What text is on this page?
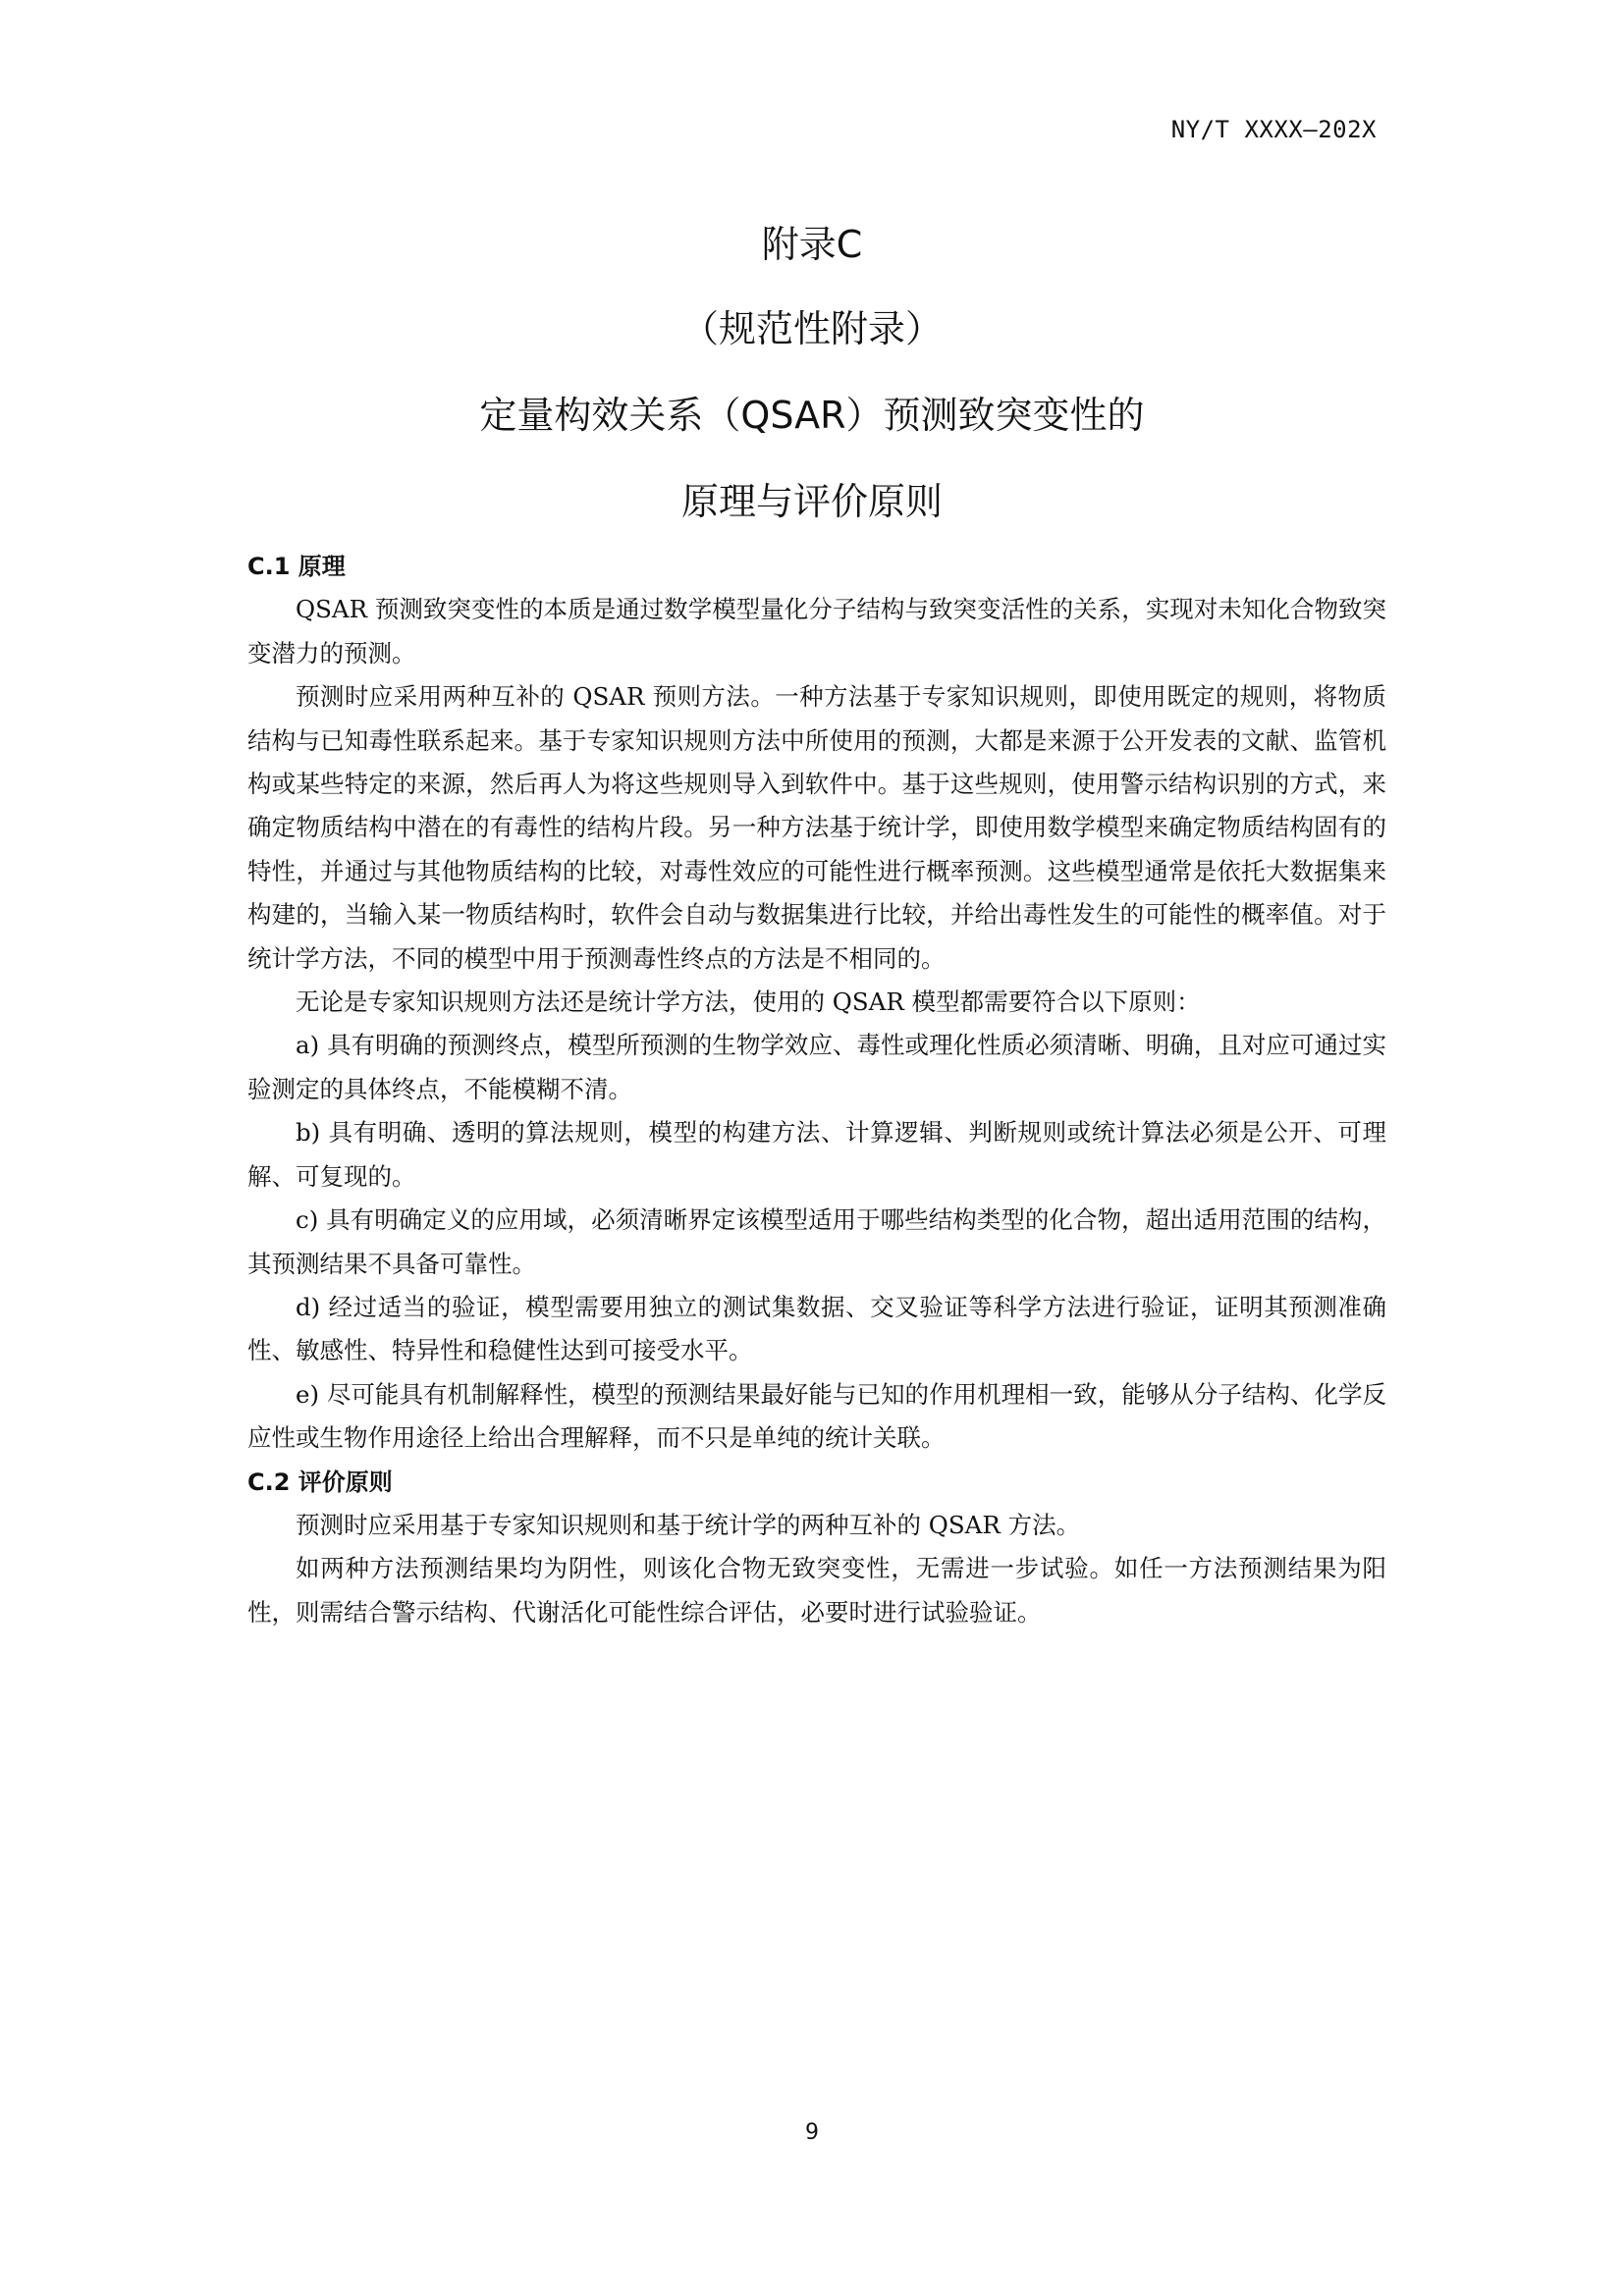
NY/T XXXX—202X
附录C
（规范性附录）
定量构效关系（QSAR）预测致突变性的
原理与评价原则
C.1 原理

QSAR 预测致突变性的本质是通过数学模型量化分子结构与致突变活性的关系，实现对未知化合物致突变潜力的预测。

预测时应采用两种互补的 QSAR 预则方法。一种方法基于专家知识规则，即使用既定的规则，将物质结构与已知毒性联系起来。基于专家知识规则方法中所使用的预测，大都是来源于公开发表的文献、监管机构或某些特定的来源，然后再人为将这些规则导入到软件中。基于这些规则，使用警示结构识别的方式，来确定物质结构中潜在的有毒性的结构片段。另一种方法基于统计学，即使用数学模型来确定物质结构固有的特性，并通过与其他物质结构的比较，对毒性效应的可能性进行概率预测。这些模型通常是依托大数据集来构建的，当输入某一物质结构时，软件会自动与数据集进行比较，并给出毒性发生的可能性的概率值。对于统计学方法，不同的模型中用于预测毒性终点的方法是不相同的。

无论是专家知识规则方法还是统计学方法，使用的 QSAR 模型都需要符合以下原则：

a) 具有明确的预测终点，模型所预测的生物学效应、毒性或理化性质必须清晰、明确，且对应可通过实验测定的具体终点，不能模糊不清。

b) 具有明确、透明的算法规则，模型的构建方法、计算逻辑、判断规则或统计算法必须是公开、可理解、可复现的。

c) 具有明确定义的应用域，必须清晰界定该模型适用于哪些结构类型的化合物，超出适用范围的结构，其预测结果不具备可靠性。

d) 经过适当的验证，模型需要用独立的测试集数据、交叉验证等科学方法进行验证，证明其预测准确性、敏感性、特异性和稳健性达到可接受水平。

e) 尽可能具有机制解释性，模型的预测结果最好能与已知的作用机理相一致，能够从分子结构、化学反应性或生物作用途径上给出合理解释，而不只是单纯的统计关联。

C.2 评价原则

预测时应采用基于专家知识规则和基于统计学的两种互补的 QSAR 方法。

如两种方法预测结果均为阴性，则该化合物无致突变性，无需进一步试验。如任一方法预测结果为阳性，则需结合警示结构、代谢活化可能性综合评估，必要时进行试验验证。

9
